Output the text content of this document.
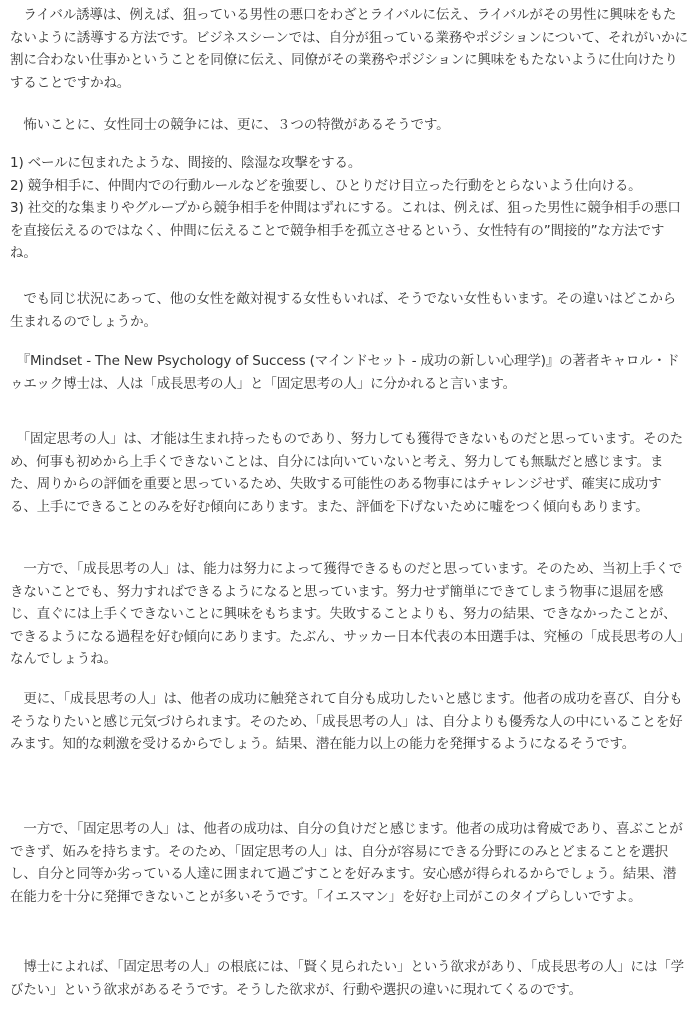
　ライバル誘導は、例えば、狙っている男性の悪口をわざとライバルに伝え、ライバルがその男性に興味をもたないように誘導する方法です。ビジネスシーンでは、自分が狙っている業務やポジションについて、それがいかに割に合わない仕事かということを同僚に伝え、同僚がその業務やポジションに興味をもたないように仕向けたりすることですかね。

　怖いことに、女性同士の競争には、更に、３つの特徴があるそうです。

1) ベールに包まれたような、間接的、陰湿な攻撃をする。

2) 競争相手に、仲間内での行動ルールなどを強要し、ひとりだけ目立った行動をとらないよう仕向ける。

3) 社交的な集まりやグループから競争相手を仲間はずれにする。これは、例えば、狙った男性に競争相手の悪口を直接伝えるのではなく、仲間に伝えることで競争相手を孤立させるという、女性特有の”間接的”な方法ですね。

　でも同じ状況にあって、他の女性を敵対視する女性もいれば、そうでない女性もいます。その違いはどこから生まれるのでしょうか。

　『Mindset - The New Psychology of Success (マインドセット - 成功の新しい心理学)』の著者キャロル・ドゥエック博士は、人は「成長思考の人」と「固定思考の人」に分かれると言います。

　「固定思考の人」は、才能は生まれ持ったものであり、努力しても獲得できないものだと思っています。そのため、何事も初めから上手くできないことは、自分には向いていないと考え、努力しても無駄だと感じます。また、周りからの評価を重要と思っているため、失敗する可能性のある物事にはチャレンジせず、確実に成功する、上手にできることのみを好む傾向にあります。また、評価を下げないために嘘をつく傾向もあります。

　一方で、「成長思考の人」は、能力は努力によって獲得できるものだと思っています。そのため、当初上手くできないことでも、努力すればできるようになると思っています。努力せず簡単にできてしまう物事に退屈を感じ、直ぐには上手くできないことに興味をもちます。失敗することよりも、努力の結果、できなかったことが、できるようになる過程を好む傾向にあります。たぶん、サッカー日本代表の本田選手は、究極の「成長思考の人」なんでしょうね。

　更に、「成長思考の人」は、他者の成功に触発されて自分も成功したいと感じます。他者の成功を喜び、自分もそうなりたいと感じ元気づけられます。そのため、「成長思考の人」は、自分よりも優秀な人の中にいることを好みます。知的な刺激を受けるからでしょう。結果、潜在能力以上の能力を発揮するようになるそうです。

　一方で、「固定思考の人」は、他者の成功は、自分の負けだと感じます。他者の成功は脅威であり、喜ぶことができず、妬みを持ちます。そのため、「固定思考の人」は、自分が容易にできる分野にのみとどまることを選択し、自分と同等か劣っている人達に囲まれて過ごすことを好みます。安心感が得られるからでしょう。結果、潜在能力を十分に発揮できないことが多いそうです。「イエスマン」を好む上司がこのタイプらしいですよ。

　博士によれば、「固定思考の人」の根底には、「賢く見られたい」という欲求があり、「成長思考の人」には「学びたい」という欲求があるそうです。そうした欲求が、行動や選択の違いに現れてくるのです。
